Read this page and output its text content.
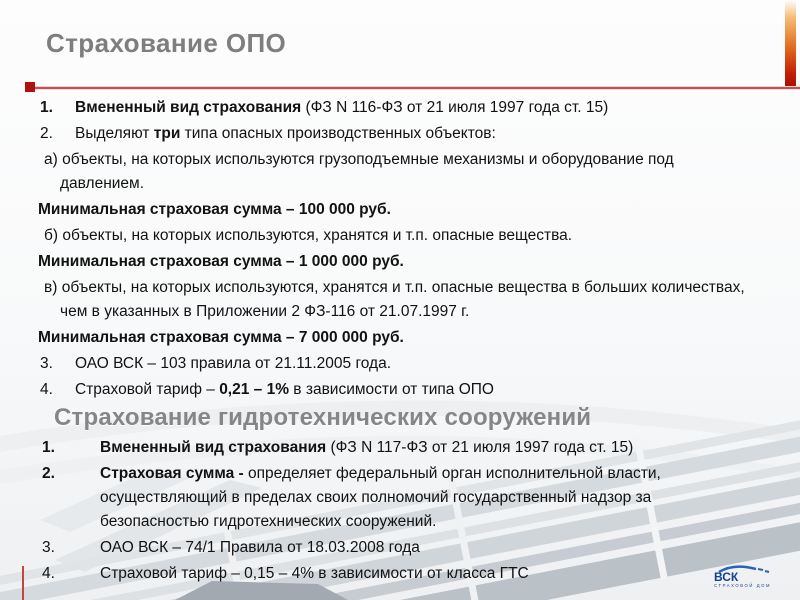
Страхование ОПО
1. Вмененный вид страхования (ФЗ N 116-ФЗ от 21 июля 1997 года ст. 15)
2. Выделяют три типа опасных производственных объектов:
а) объекты, на которых используются грузоподъемные механизмы и оборудование под давлением.
Минимальная страховая сумма – 100 000 руб.
б) объекты, на которых используются, хранятся и т.п. опасные вещества.
Минимальная страховая сумма – 1 000 000 руб.
в) объекты, на которых используются, хранятся и т.п. опасные вещества в больших количествах, чем в указанных в Приложении 2 ФЗ-116 от 21.07.1997 г.
Минимальная страховая сумма – 7 000 000 руб.
3. ОАО ВСК – 103 правила от 21.11.2005 года.
4. Страховой тариф – 0,21 – 1% в зависимости от типа ОПО
Страхование гидротехнических сооружений
1.	Вмененный вид страхования (ФЗ N 117-ФЗ от 21 июля 1997 года ст. 15)
2.	Страховая сумма - определяет федеральный орган исполнительной власти, осуществляющий в пределах своих полномочий государственный надзор за безопасностью гидротехнических сооружений.
3.	ОАО ВСК – 74/1 Правила от 18.03.2008 года
4.	Страховой тариф – 0,15 – 4% в зависимости от класса ГТС	ВСК
СТРАХОВОЙ ДОМ
